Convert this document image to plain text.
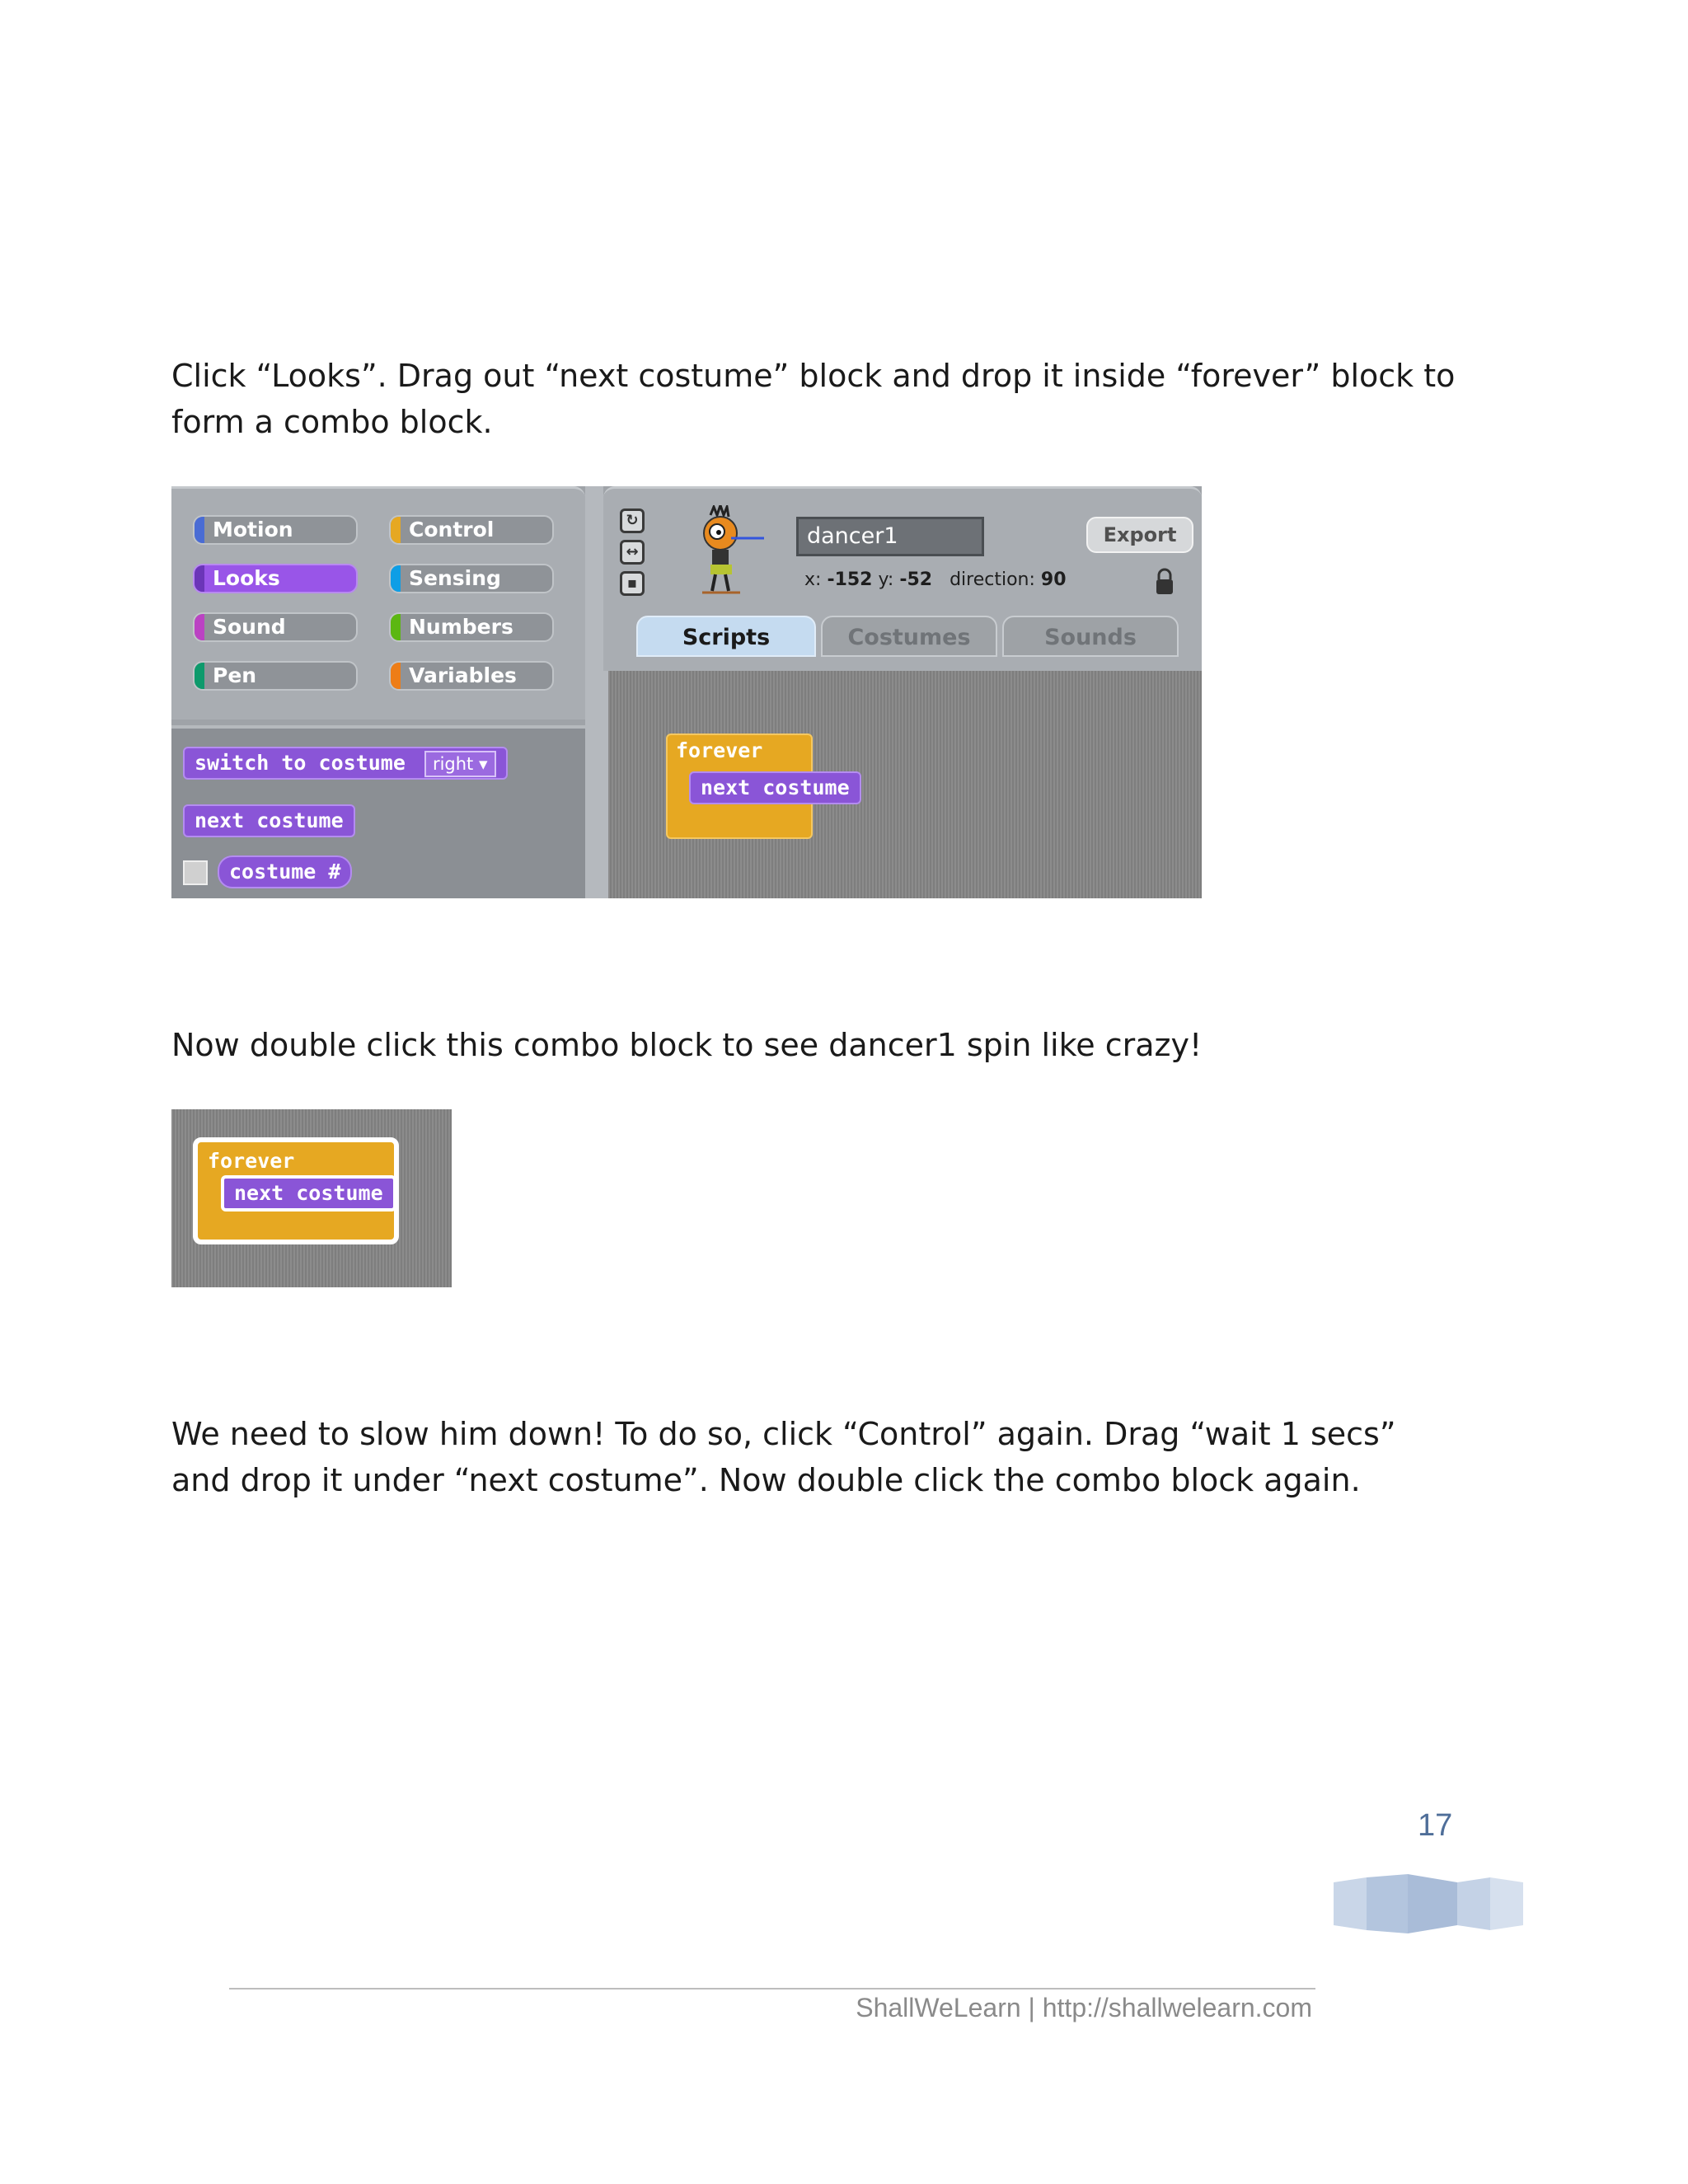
Click “Looks”. Drag out “next costume” block and drop it inside “forever” block to form a combo block.

Motion	Control
Looks	Sensing
Sound	Numbers
Pen	Variables
switch to costume right ▾
next costume
costume #
↻
↔
▪
dancer1
x: -152 y: -52 direction: 90
Export
Scripts	Costumes	Sounds
forever
next costume

Now double click this combo block to see dancer1 spin like crazy!

forever
next costume

We need to slow him down! To do so, click “Control” again. Drag “wait 1 secs” and drop it under “next costume”. Now double click the combo block again.

17
ShallWeLearn | http://shallwelearn.com
